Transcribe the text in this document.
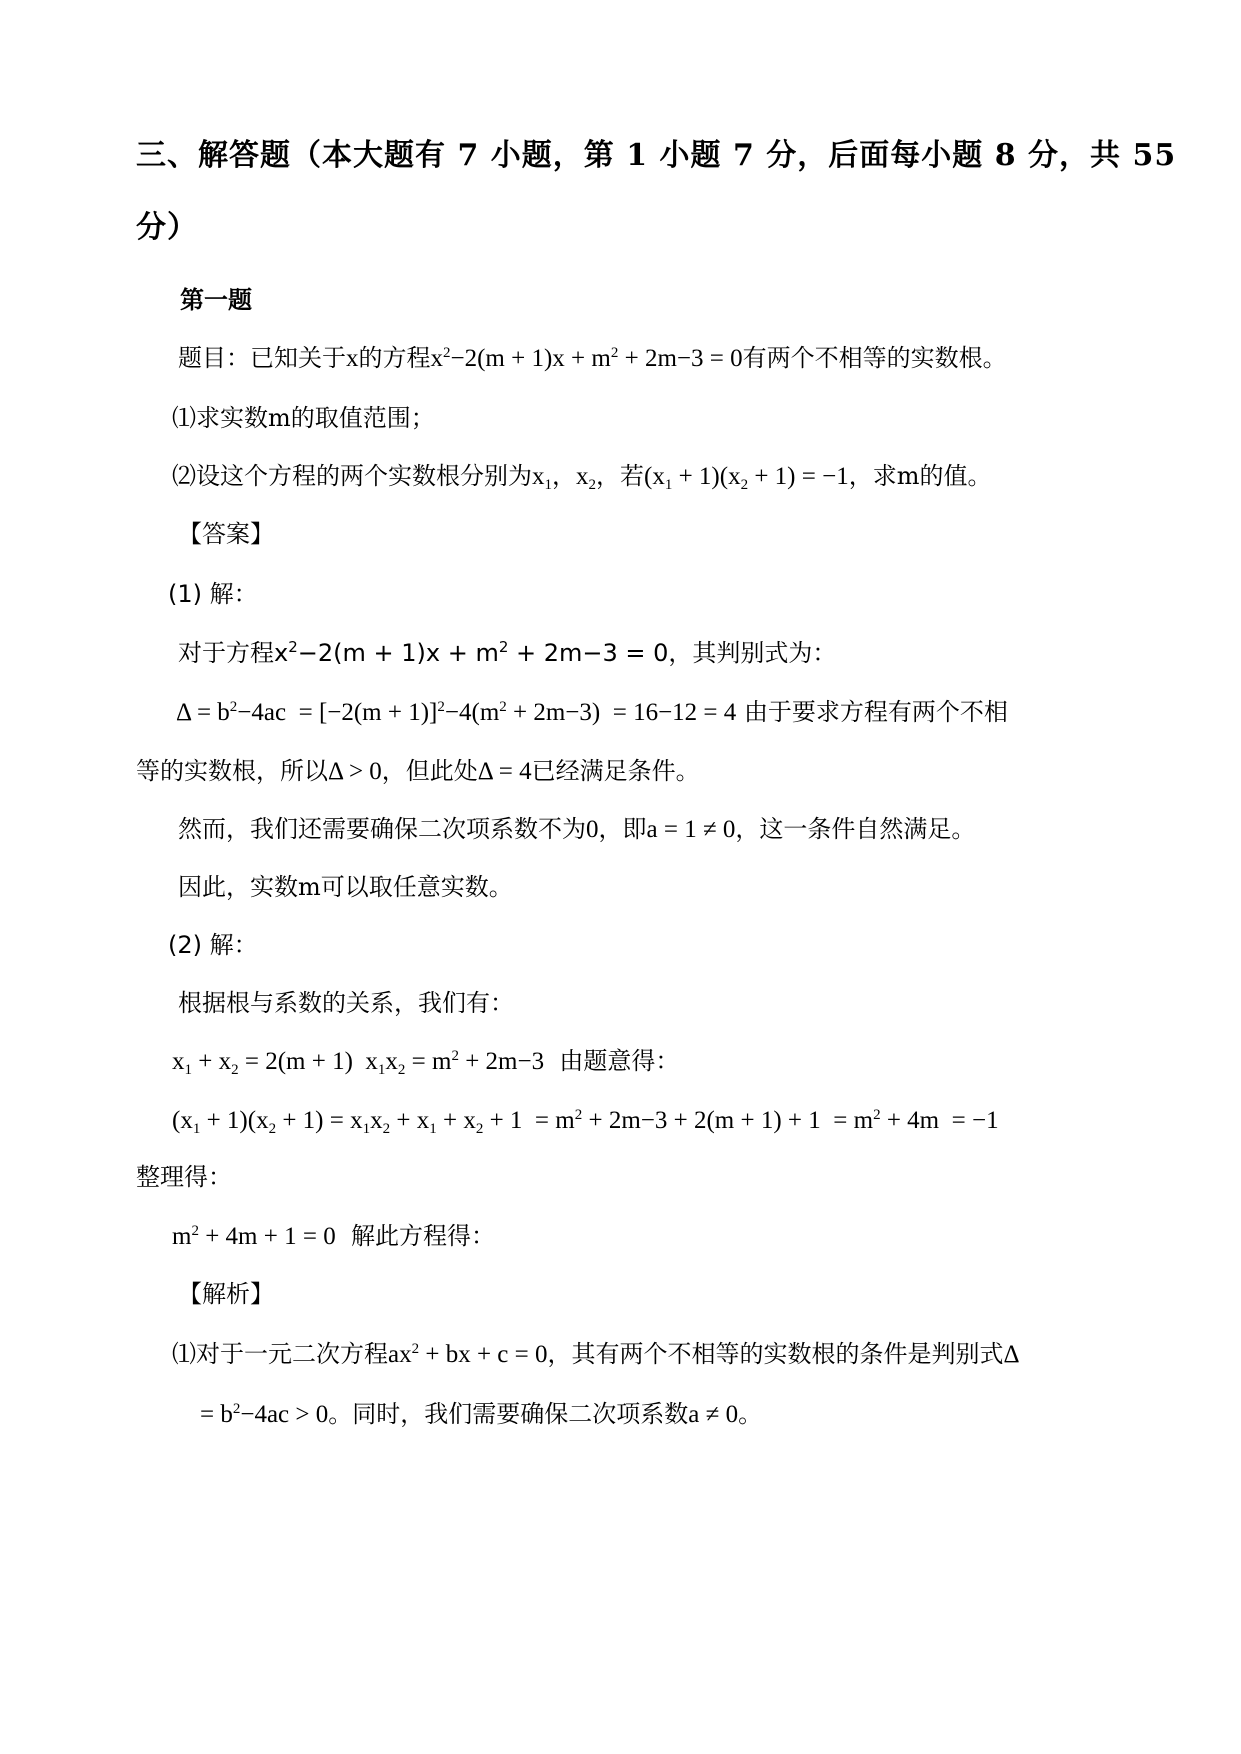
三、解答题（本大题有 7 小题，第 1 小题 7 分，后面每小题 8 分，共 55
分）
第一题
题目：已知关于x的方程$x^2-2(m + 1)x + m^2 + 2m-3 = 0$有两个不相等的实数根。
⑴求实数m的取值范围；
⑵设这个方程的两个实数根分别为$x_1$，$x_2$，若$(x_1 + 1)(x_2 + 1) = -1$，求m的值。
【答案】
(1) 解：
对于方程$x^2-2(m + 1)x + m^2 + 2m-3 = 0$，其判别式为：
$\Delta = b^2-4ac = [-2(m + 1)]^2-4(m^2 + 2m-3) = 16-12 = 4$ 由于要求方程有两个不相
等的实数根，所以Δ > 0，但此处Δ = 4已经满足条件。
然而，我们还需要确保二次项系数不为0，即a = 1 ≠ 0，这一条件自然满足。
因此，实数m可以取任意实数。
(2) 解：
根据根与系数的关系，我们有：
$x_1 + x_2 = 2(m + 1) x_1x_2 = m^2 + 2m-3$ 由题意得：
$(x_1 + 1)(x_2 + 1) = x_1x_2 + x_1 + x_2 + 1 = m^2 + 2m-3 + 2(m + 1) + 1 = m^2 + 4m = -1$
整理得：
$m^2 + 4m + 1 = 0$ 解此方程得：
【解析】
⑴对于一元二次方程$ax^2$ + bx + c = 0，其有两个不相等的实数根的条件是判别式Δ
= $b^2-4ac > 0$。同时，我们需要确保二次项系数a ≠ 0。
